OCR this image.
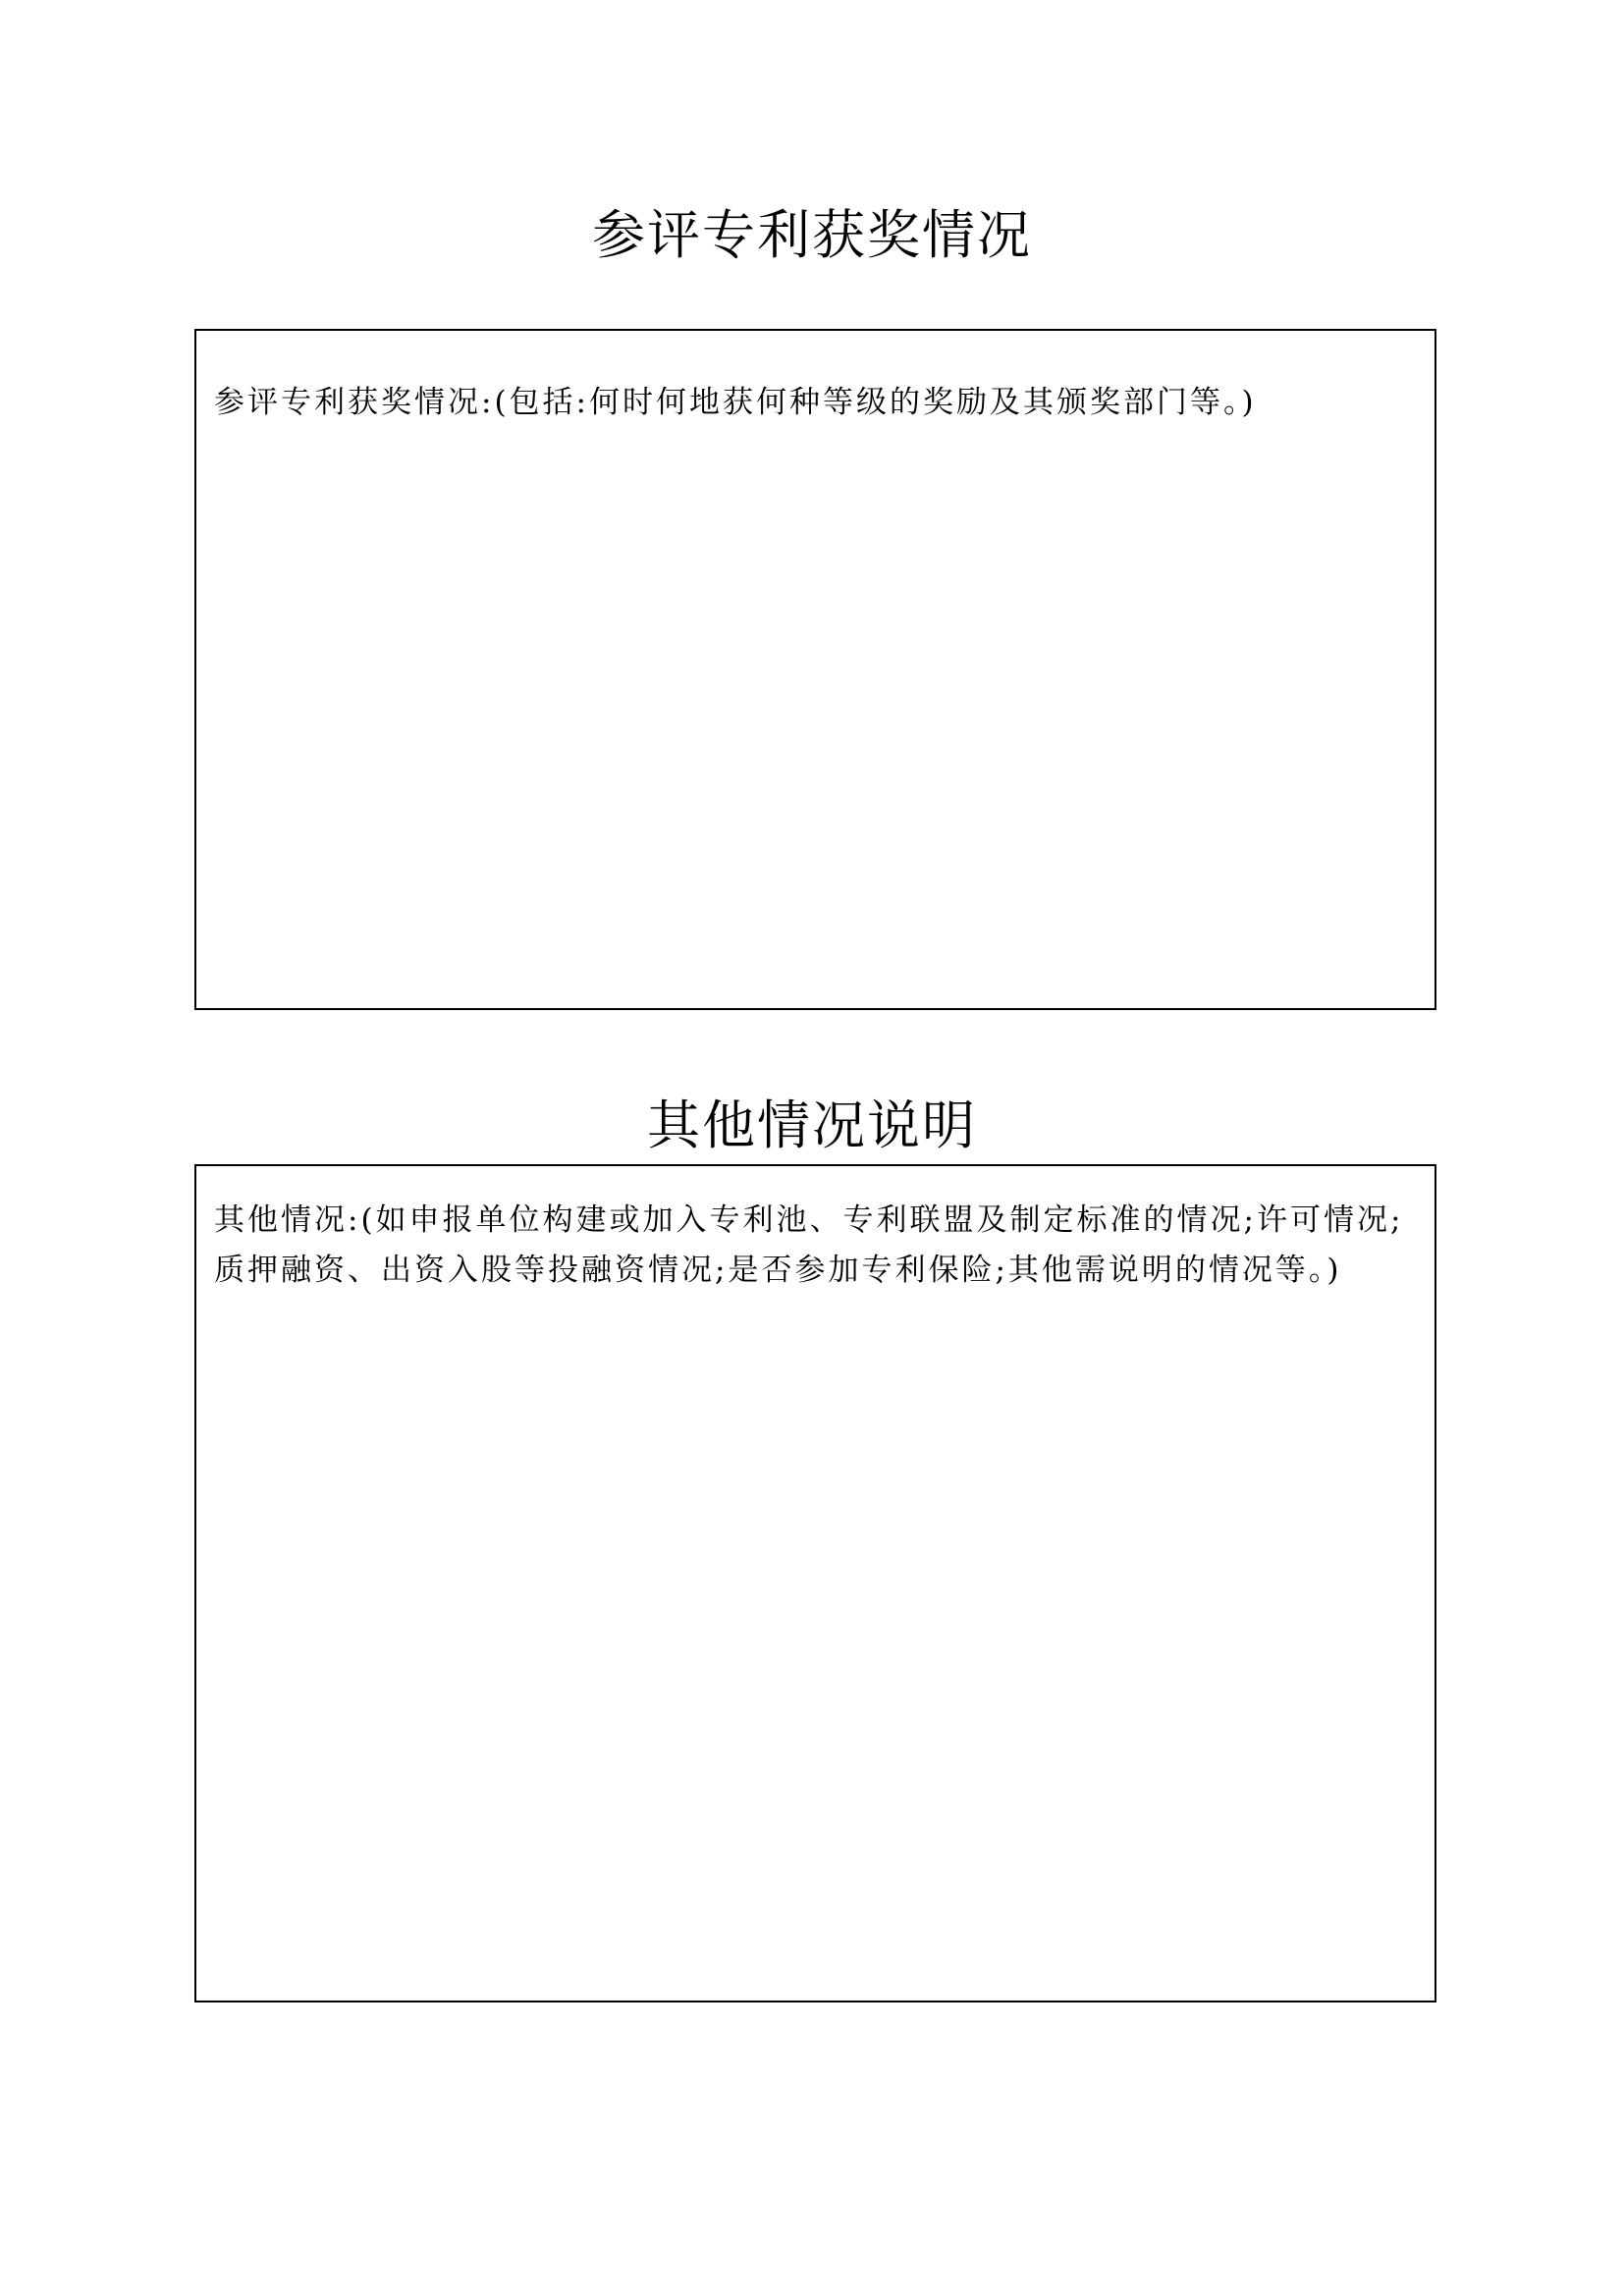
参评专利获奖情况

参评专利获奖情况:(包括:何时何地获何种等级的奖励及其颁奖部门等。)

其他情况说明

其他情况:(如申报单位构建或加入专利池、专利联盟及制定标准的情况;许可情况;质押融资、出资入股等投融资情况;是否参加专利保险;其他需说明的情况等。)
